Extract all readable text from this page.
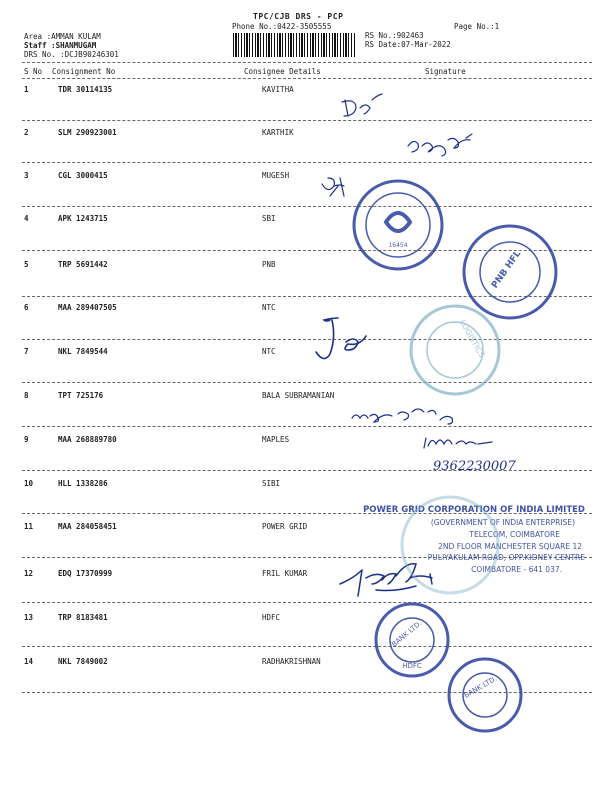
TPC/CJB DRS - PCP
Phone No.:0422-3505555	Page No.:1
Area :AMMAN KULAM
Staff :SHANMUGAM
DRS No. :DCJB90246301
RS No.:902463
RS Date:07-Mar-2022
S No Consignment No	Consignee Details	Signature
1	TDR 30114135	KAVITHA
2	SLM 290923001	KARTHIK
3	CGL 3000415	MUGESH
4	APK 1243715	SBI
5	TRP 5691442	PNB
6	MAA 289407505	NTC
7	NKL 7849544	NTC
8	TPT 725176	BALA SUBRAMANIAN
9	MAA 268889780	MAPLES
10	HLL 1338286	SIBI
11	MAA 284058451	POWER GRID
12	EDQ 17370999	FRIL KUMAR
13	TRP 8183481	HDFC
14	NKL 7849002	RADHAKRISHNAN
9362230007
16454
PNB HFL
LOGISTICS
POWER GRID CORPORATION OF INDIA LIMITED
(GOVERNMENT OF INDIA ENTERPRISE)
TELECOM, COIMBATORE
2ND FLOOR MANCHESTER SQUARE 12
PULIYAKULAM ROAD, OPP.KIDNEY CENTRE
COIMBATORE - 641 037.
BANK LTD.
HDFC
BANK LTD.
